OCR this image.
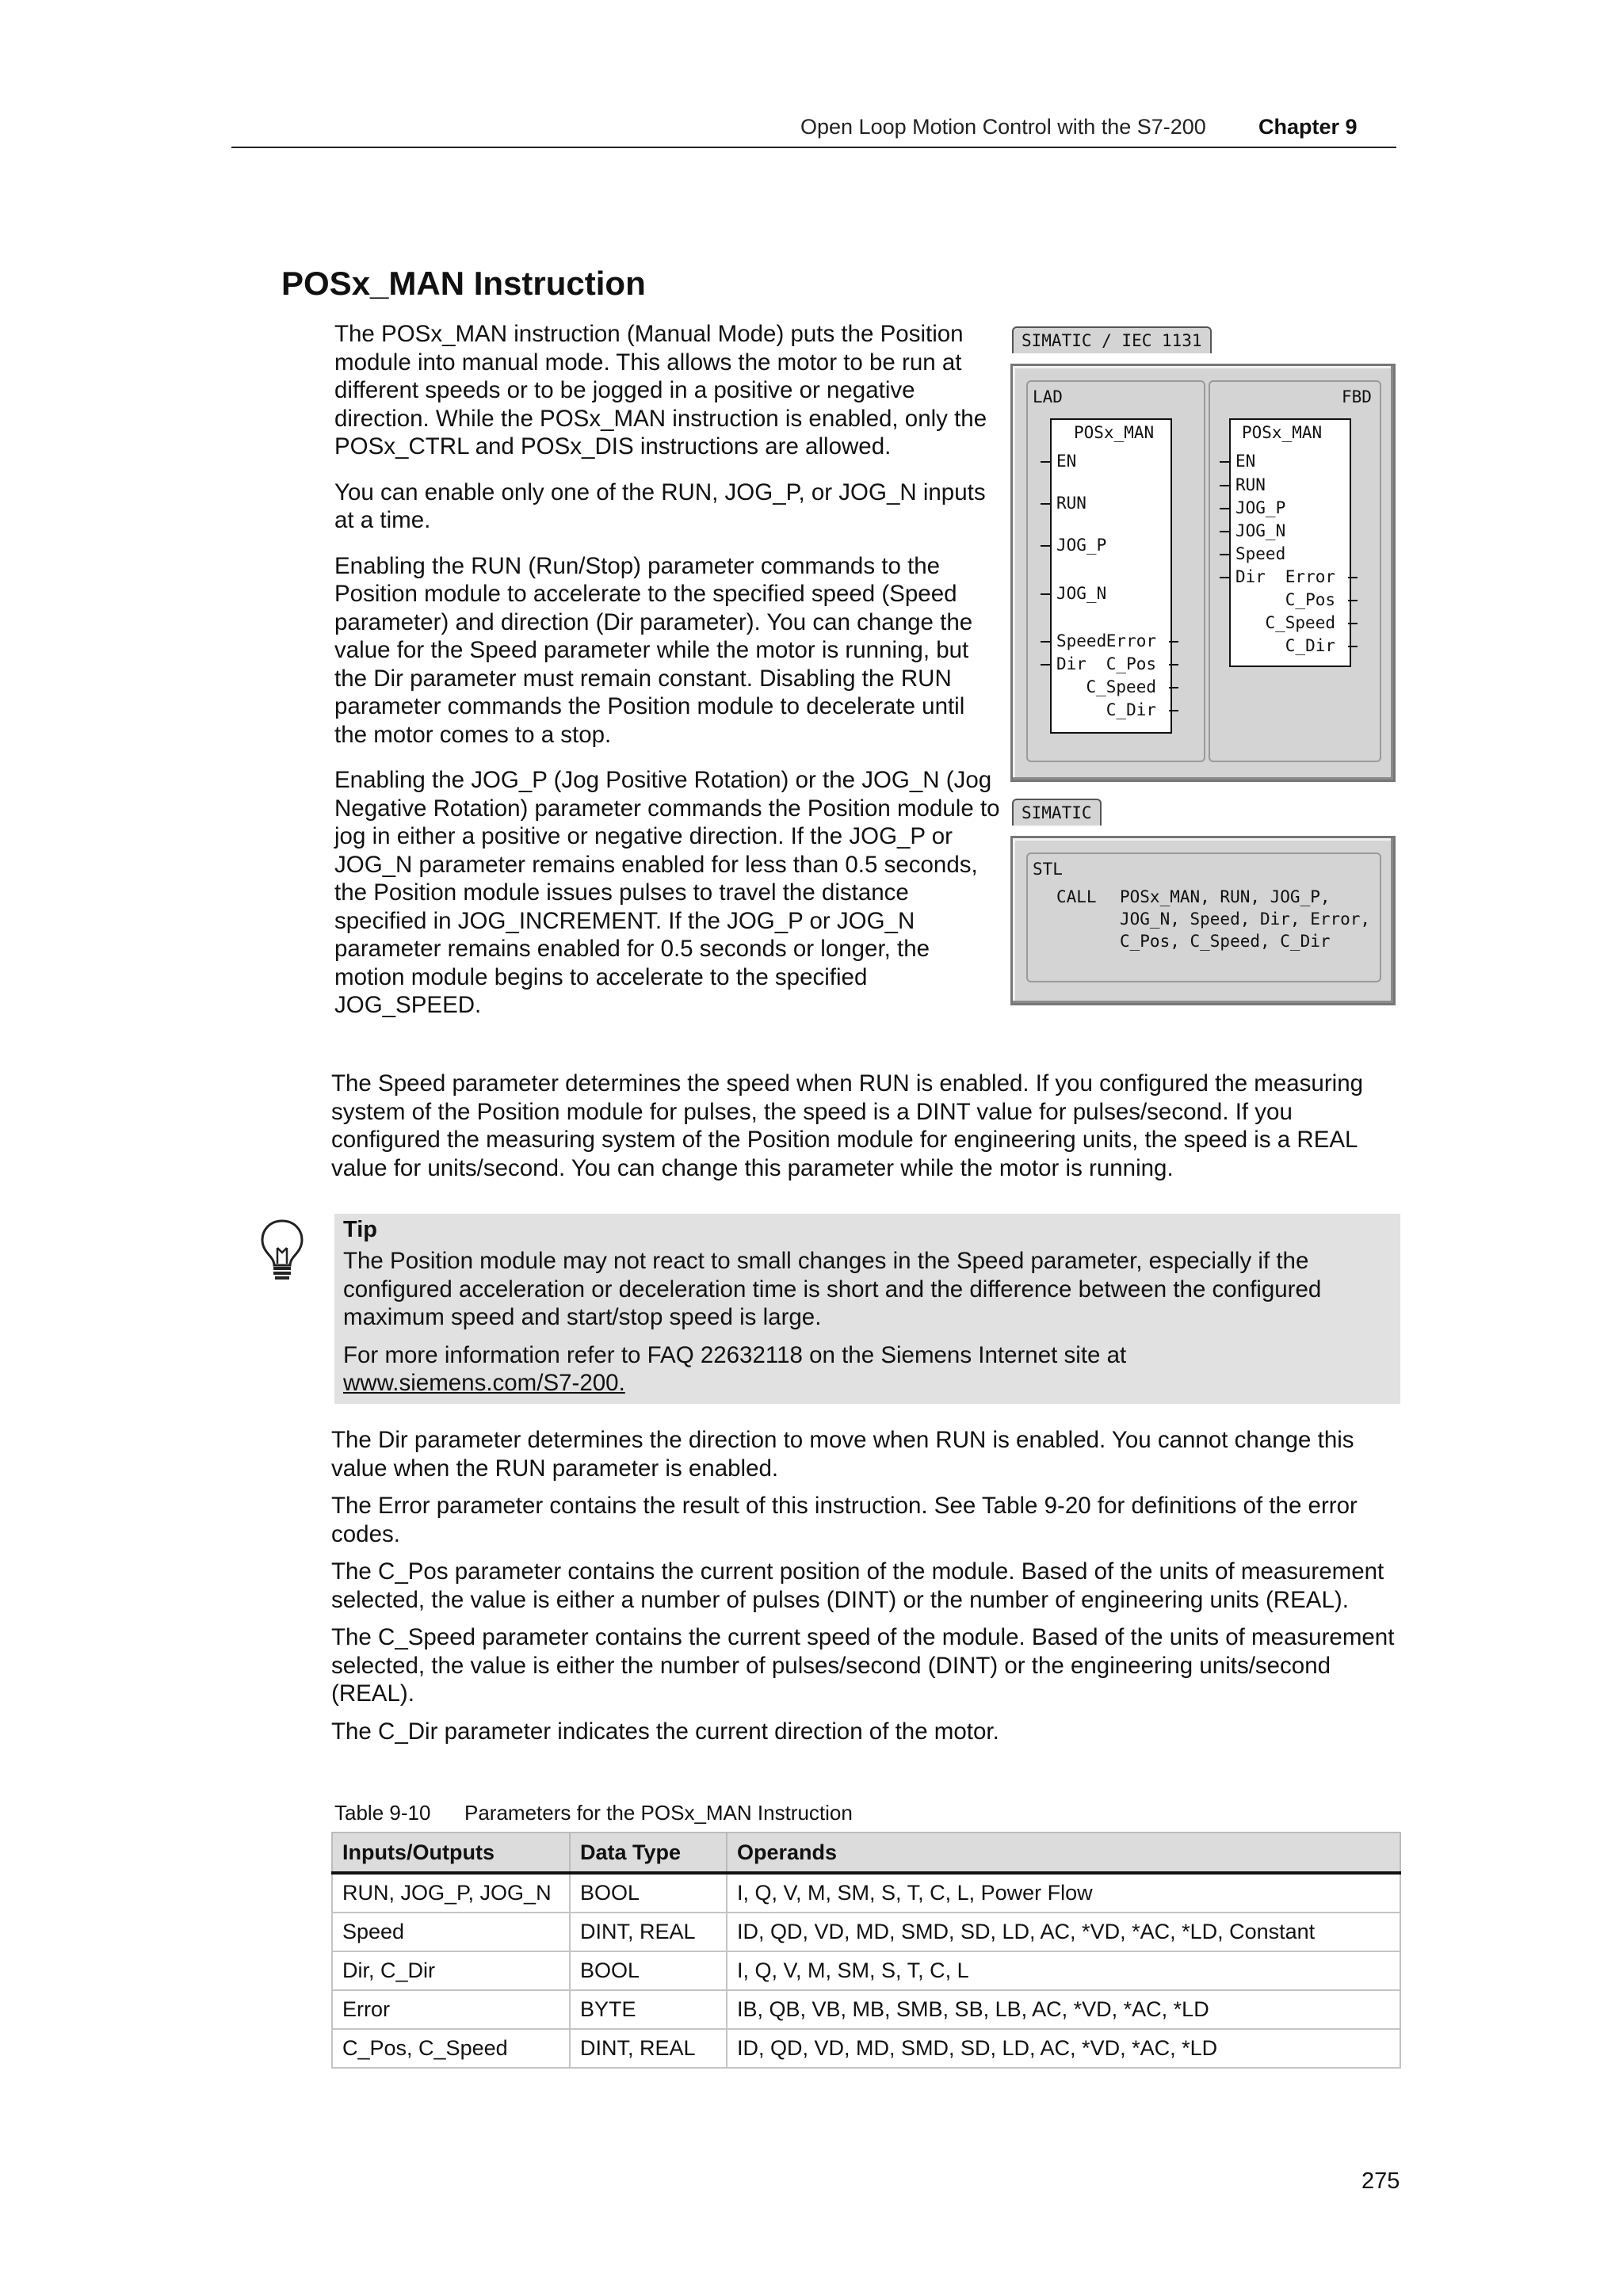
Open Loop Motion Control with the S7-200 Chapter 9
POSx_MAN Instruction

The POSx_MAN instruction (Manual Mode) puts the Position module into manual mode. This allows the motor to be run at different speeds or to be jogged in a positive or negative direction. While the POSx_MAN instruction is enabled, only the POSx_CTRL and POSx_DIS instructions are allowed.

You can enable only one of the RUN, JOG_P, or JOG_N inputs at a time.

Enabling the RUN (Run/Stop) parameter commands to the Position module to accelerate to the specified speed (Speed parameter) and direction (Dir parameter). You can change the value for the Speed parameter while the motor is running, but the Dir parameter must remain constant. Disabling the RUN parameter commands the Position module to decelerate until the motor comes to a stop.

Enabling the JOG_P (Jog Positive Rotation) or the JOG_N (Jog Negative Rotation) parameter commands the Position module to jog in either a positive or negative direction. If the JOG_P or JOG_N parameter remains enabled for less than 0.5 seconds, the Position module issues pulses to travel the distance specified in JOG_INCREMENT. If the JOG_P or JOG_N parameter remains enabled for 0.5 seconds or longer, the motion module begins to accelerate to the specified JOG_SPEED.

SIMATIC / IEC 1131
LAD	FBD
POSx_MAN
EN
RUN
JOG_P
JOG_N
Speed
Dir
Error
C_Pos
C_Speed
C_Dir
POSx_MAN
EN
RUN
JOG_P
JOG_N
Speed
Dir Error
C_Pos
C_Speed
C_Dir
SIMATIC
STL
CALL POSx_MAN, RUN, JOG_P,
JOG_N, Speed, Dir, Error,
C_Pos, C_Speed, C_Dir

The Speed parameter determines the speed when RUN is enabled. If you configured the measuring system of the Position module for pulses, the speed is a DINT value for pulses/second. If you configured the measuring system of the Position module for engineering units, the speed is a REAL value for units/second. You can change this parameter while the motor is running.

Tip

The Position module may not react to small changes in the Speed parameter, especially if the configured acceleration or deceleration time is short and the difference between the configured maximum speed and start/stop speed is large.

For more information refer to FAQ 22632118 on the Siemens Internet site at
www.siemens.com/S7-200.

The Dir parameter determines the direction to move when RUN is enabled. You cannot change this value when the RUN parameter is enabled.

The Error parameter contains the result of this instruction. See Table 9-20 for definitions of the error codes.

The C_Pos parameter contains the current position of the module. Based of the units of measurement selected, the value is either a number of pulses (DINT) or the number of engineering units (REAL).

The C_Speed parameter contains the current speed of the module. Based of the units of measurement selected, the value is either the number of pulses/second (DINT) or the engineering units/second (REAL).

The C_Dir parameter indicates the current direction of the motor.

Table 9-10 Parameters for the POSx_MAN Instruction
Inputs/Outputs	Data Type	Operands
RUN, JOG_P, JOG_N	BOOL	I, Q, V, M, SM, S, T, C, L, Power Flow
Speed	DINT, REAL	ID, QD, VD, MD, SMD, SD, LD, AC, *VD, *AC, *LD, Constant
Dir, C_Dir	BOOL	I, Q, V, M, SM, S, T, C, L
Error	BYTE	IB, QB, VB, MB, SMB, SB, LB, AC, *VD, *AC, *LD
C_Pos, C_Speed	DINT, REAL	ID, QD, VD, MD, SMD, SD, LD, AC, *VD, *AC, *LD
275
